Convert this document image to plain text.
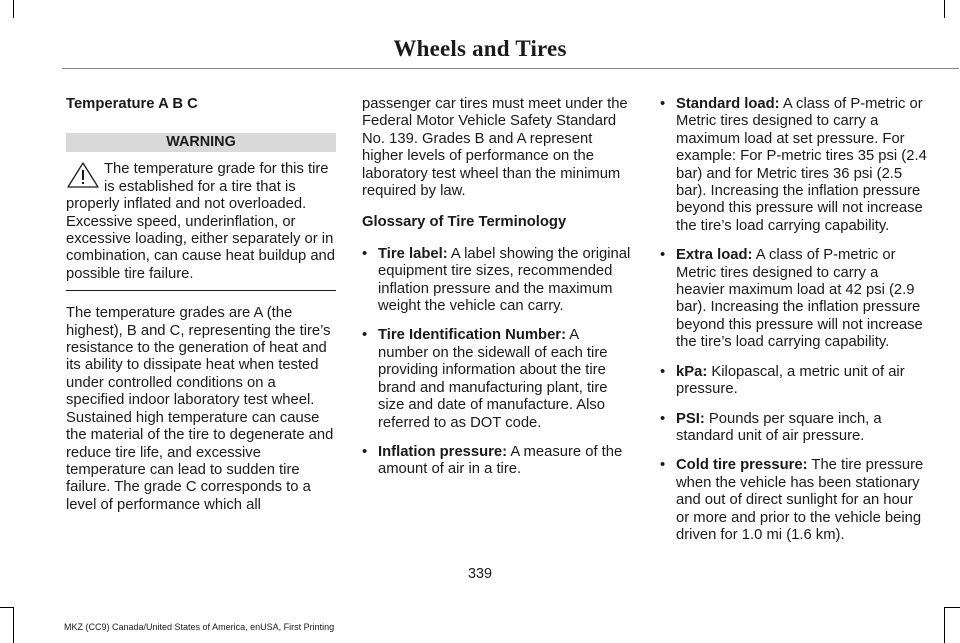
Wheels and Tires

Temperature A B C

WARNING
The temperature grade for this tire is established for a tire that is properly inflated and not overloaded. Excessive speed, underinflation, or excessive loading, either separately or in combination, can cause heat buildup and possible tire failure.

The temperature grades are A (the highest), B and C, representing the tire’s resistance to the generation of heat and its ability to dissipate heat when tested under controlled conditions on a specified indoor laboratory test wheel. Sustained high temperature can cause the material of the tire to degenerate and reduce tire life, and excessive temperature can lead to sudden tire failure. The grade C corresponds to a level of performance which all

passenger car tires must meet under the Federal Motor Vehicle Safety Standard No. 139. Grades B and A represent higher levels of performance on the laboratory test wheel than the minimum required by law.

Glossary of Tire Terminology

• Tire label: A label showing the original equipment tire sizes, recommended inflation pressure and the maximum weight the vehicle can carry.
• Tire Identification Number: A number on the sidewall of each tire providing information about the tire brand and manufacturing plant, tire size and date of manufacture. Also referred to as DOT code.
• Inflation pressure: A measure of the amount of air in a tire.
• Standard load: A class of P-metric or Metric tires designed to carry a maximum load at set pressure. For example: For P-metric tires 35 psi (2.4 bar) and for Metric tires 36 psi (2.5 bar). Increasing the inflation pressure beyond this pressure will not increase the tire’s load carrying capability.
• Extra load: A class of P-metric or Metric tires designed to carry a heavier maximum load at 42 psi (2.9 bar). Increasing the inflation pressure beyond this pressure will not increase the tire’s load carrying capability.
• kPa: Kilopascal, a metric unit of air pressure.
• PSI: Pounds per square inch, a standard unit of air pressure.
• Cold tire pressure: The tire pressure when the vehicle has been stationary and out of direct sunlight for an hour or more and prior to the vehicle being driven for 1.0 mi (1.6 km).
339
MKZ (CC9) Canada/United States of America, enUSA, First Printing
